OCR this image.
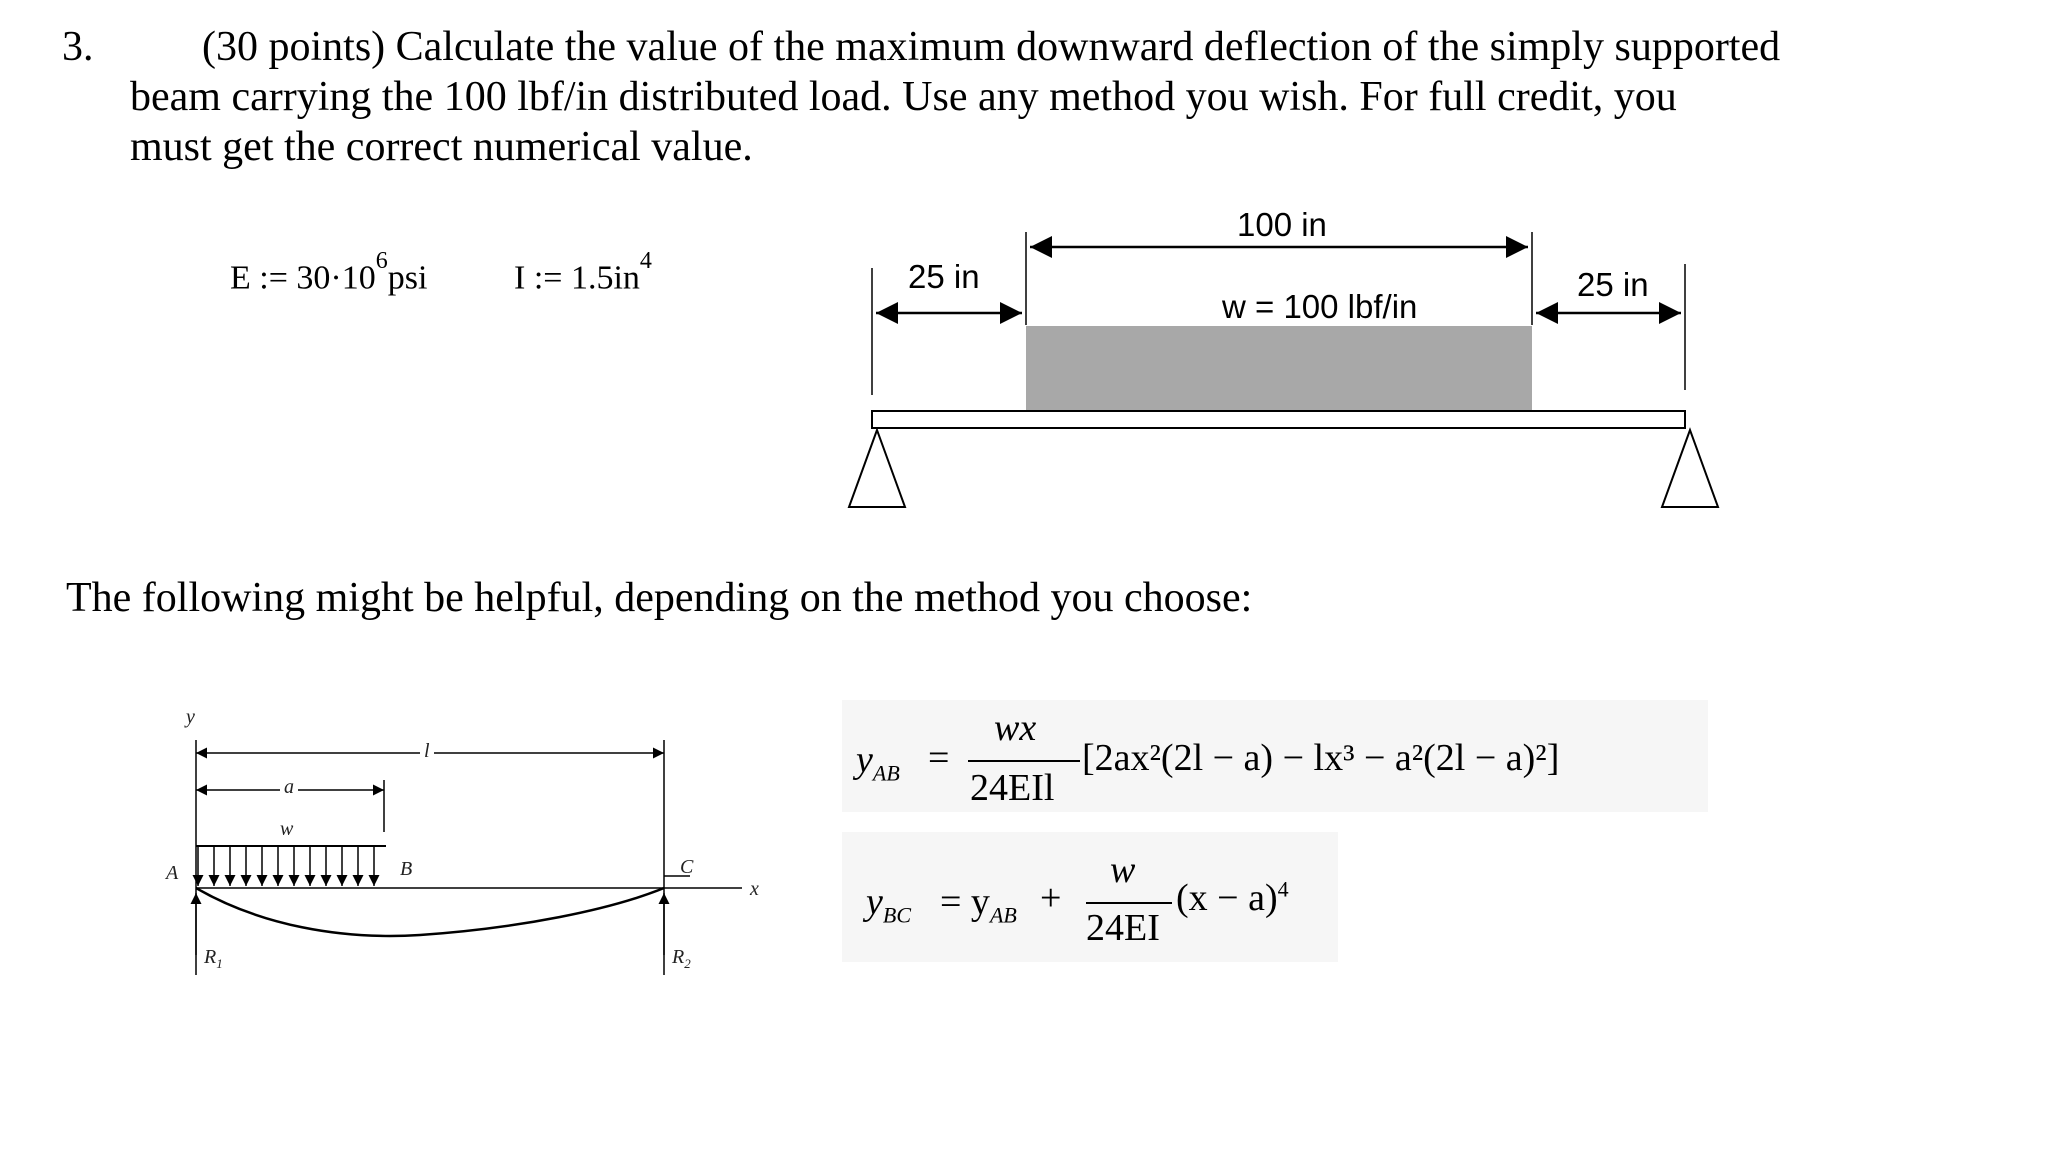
3.	(30 points) Calculate the value of the maximum downward deflection of the simply supported
beam carrying the 100 lbf/in distributed load. Use any method you wish. For full credit, you
must get the correct numerical value.
E := $30\cdot 10^6psi$	I := $1.5in^4$
100 in
25 in	25 in
w = 100 lbf/in
The following might be helpful, depending on the method you choose:
y
l
a
w
A	B	C
x
$R_1$	$R_2$
$y_{AB}$ =
wx
24EIl
[2ax²(2l − a) − lx³ − a²(2l − a)²]
$y_{BC} = y_{AB}$ +
w
24EI
$(x - a)^4$
